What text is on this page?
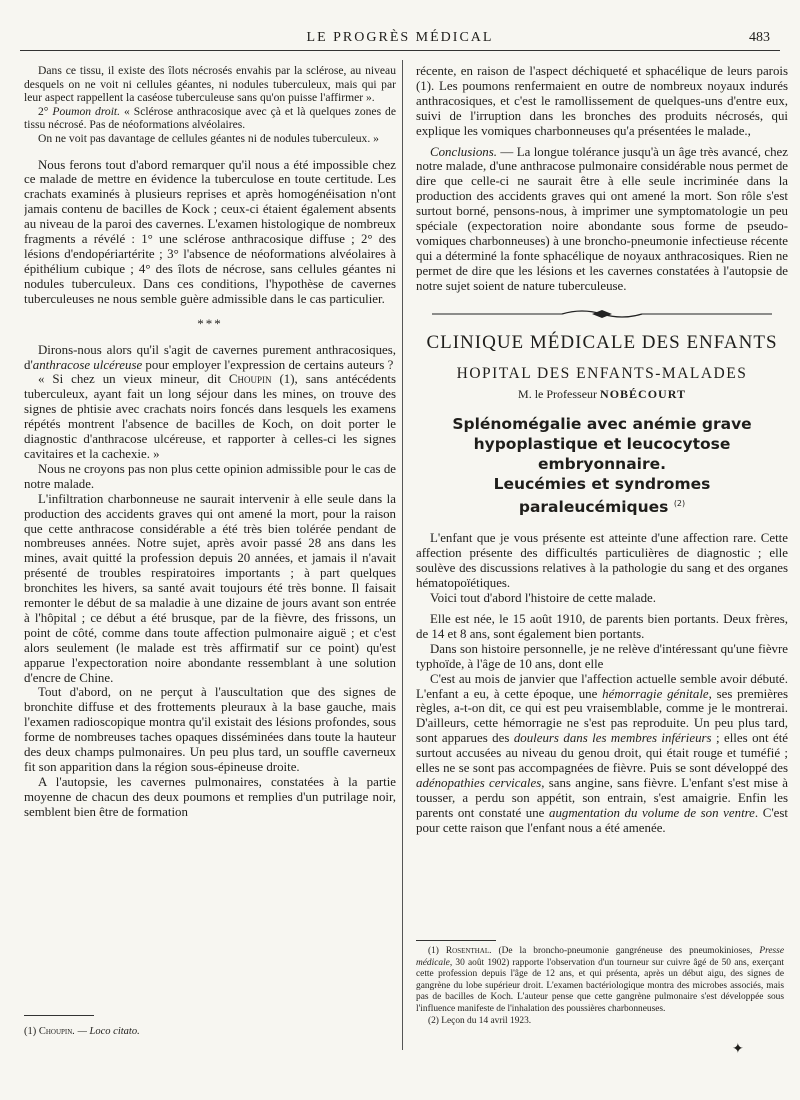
LE PROGRÈS MÉDICAL	483

Dans ce tissu, il existe des îlots nécrosés envahis par la sclérose, au niveau desquels on ne voit ni cellules géantes, ni nodules tuberculeux, mais qui par leur aspect rappellent la caséose tuberculeuse sans qu'on puisse l'affirmer ».

2° Poumon droit. « Sclérose anthracosique avec çà et là quelques zones de tissu nécrosé. Pas de néoformations alvéolaires.

On ne voit pas davantage de cellules géantes ni de nodules tuberculeux. »

Nous ferons tout d'abord remarquer qu'il nous a été impossible chez ce malade de mettre en évidence la tuberculose en toute certitude. Les crachats examinés à plusieurs reprises et après homogénéisation n'ont jamais contenu de bacilles de Kock ; ceux-ci étaient également absents au niveau de la paroi des cavernes. L'examen histologique de nombreux fragments a révélé : 1° une sclérose anthracosique diffuse ; 2° des lésions d'endopériartérite ; 3° l'absence de néoformations alvéolaires à épithélium cubique ; 4° des îlots de nécrose, sans cellules géantes ni nodules tuberculeux. Dans ces conditions, l'hypothèse de cavernes tuberculeuses ne nous semble guère admissible dans le cas particulier.

***

Dirons-nous alors qu'il s'agit de cavernes purement anthracosiques, d'anthracose ulcéreuse pour employer l'expression de certains auteurs ?

« Si chez un vieux mineur, dit Choupin (1), sans antécédents tuberculeux, ayant fait un long séjour dans les mines, on trouve des signes de phtisie avec crachats noirs foncés dans lesquels les examens répétés montrent l'absence de bacilles de Koch, on doit porter le diagnostic d'anthracose ulcéreuse, et rapporter à celles-ci les signes cavitaires et la cachexie. »

Nous ne croyons pas non plus cette opinion admissible pour le cas de notre malade.

L'infiltration charbonneuse ne saurait intervenir à elle seule dans la production des accidents graves qui ont amené la mort, pour la raison que cette anthracose considérable a été très bien tolérée pendant de nombreuses années. Notre sujet, après avoir passé 28 ans dans les mines, avait quitté la profession depuis 20 années, et jamais il n'avait présenté de troubles respiratoires importants ; à part quelques bronchites les hivers, sa santé avait toujours été très bonne. Il faisait remonter le début de sa maladie à une dizaine de jours avant son entrée à l'hôpital ; ce début a été brusque, par de la fièvre, des frissons, un point de côté, comme dans toute affection pulmonaire aiguë ; et c'est alors seulement (le malade est très affirmatif sur ce point) qu'est apparue l'expectoration noire abondante ressemblant à une solution d'encre de Chine.

Tout d'abord, on ne perçut à l'auscultation que des signes de bronchite diffuse et des frottements pleuraux à la base gauche, mais l'examen radioscopique montra qu'il existait des lésions profondes, sous forme de nombreuses taches opaques disséminées dans toute la hauteur des deux champs pulmonaires. Un peu plus tard, un souffle caverneux fit son apparition dans la région sous-épineuse droite.

A l'autopsie, les cavernes pulmonaires, constatées à la partie moyenne de chacun des deux poumons et remplies d'un putrilage noir, semblent bien être de formation

récente, en raison de l'aspect déchiqueté et sphacélique de leurs parois (1). Les poumons renfermaient en outre de nombreux noyaux indurés anthracosiques, et c'est le ramollissement de quelques-uns d'entre eux, suivi de l'irruption dans les bronches des produits nécrosés, qui explique les vomiques charbonneuses qu'a présentées le malade.,

Conclusions. — La longue tolérance jusqu'à un âge très avancé, chez notre malade, d'une anthracose pulmonaire considérable nous permet de dire que celle-ci ne saurait être à elle seule incriminée dans la production des accidents graves qui ont amené la mort. Son rôle s'est surtout borné, pensons-nous, à imprimer une symptomatologie un peu spéciale (expectoration noire abondante sous forme de pseudo-vomiques charbonneuses) à une broncho-pneumonie infectieuse récente qui a déterminé la fonte sphacélique de noyaux anthracosiques. Rien ne permet de dire que les lésions et les cavernes constatées à l'autopsie de notre sujet soient de nature tuberculeuse.

CLINIQUE MÉDICALE DES ENFANTS
HOPITAL DES ENFANTS-MALADES
M. le Professeur NOBÉCOURT
Splénomégalie avec anémie grave
hypoplastique et leucocytose embryonnaire.
Leucémies et syndromes
paraleucémiques $^{(2)}$

L'enfant que je vous présente est atteinte d'une affection rare. Cette affection présente des difficultés particulières de diagnostic ; elle soulève des discussions relatives à la pathologie du sang et des organes hématopoïétiques.

Voici tout d'abord l'histoire de cette malade.

Elle est née, le 15 août 1910, de parents bien portants. Deux frères, de 14 et 8 ans, sont également bien portants.

Dans son histoire personnelle, je ne relève d'intéressant qu'une fièvre typhoïde, à l'âge de 10 ans, dont elle

C'est au mois de janvier que l'affection actuelle semble avoir débuté. L'enfant a eu, à cette époque, une hémorragie génitale, ses premières règles, a-t-on dit, ce qui est peu vraisemblable, comme je le montrerai. D'ailleurs, cette hémorragie ne s'est pas reproduite. Un peu plus tard, sont apparues des douleurs dans les membres inférieurs ; elles ont été surtout accusées au niveau du genou droit, qui était rouge et tuméfié ; elles ne se sont pas accompagnées de fièvre. Puis se sont développé des adénopathies cervicales, sans angine, sans fièvre. L'enfant s'est mise à tousser, a perdu son appétit, son entrain, s'est amaigrie. Enfin les parents ont constaté une augmentation du volume de son ventre. C'est pour cette raison que l'enfant nous a été amenée.

(1) Choupin. — Loco citato.

(1) Rosenthal. (De la broncho-pneumonie gangréneuse des pneumokinioses, Presse médicale, 30 août 1902) rapporte l'observation d'un tourneur sur cuivre âgé de 50 ans, exerçant cette profession depuis l'âge de 12 ans, et qui présenta, après un début aigu, des signes de gangrène du lobe supérieur droit. L'examen bactériologique montra des microbes associés, mais pas de bacilles de Koch. L'auteur pense que cette gangrène pulmonaire s'est développée sous l'influence manifeste de l'inhalation des poussières charbonneuses.

(2) Leçon du 14 avril 1923.

✦
